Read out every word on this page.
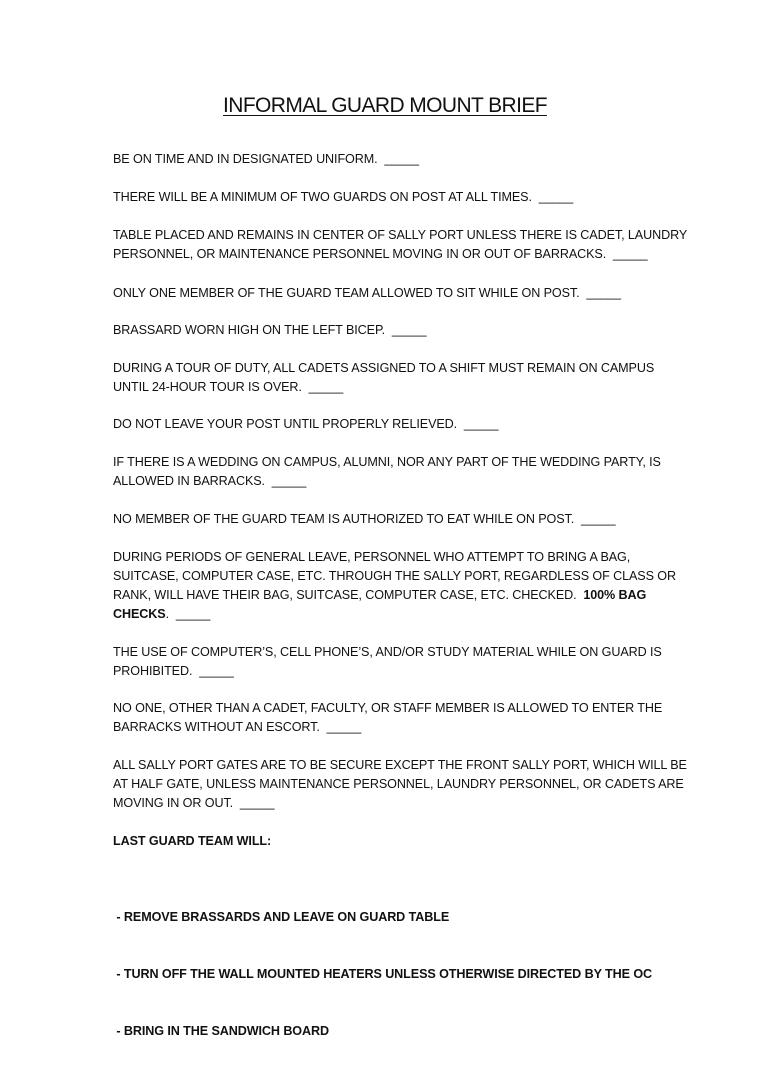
INFORMAL GUARD MOUNT BRIEF

BE ON TIME AND IN DESIGNATED UNIFORM. _____

THERE WILL BE A MINIMUM OF TWO GUARDS ON POST AT ALL TIMES. _____

TABLE PLACED AND REMAINS IN CENTER OF SALLY PORT UNLESS THERE IS CADET, LAUNDRY
PERSONNEL, OR MAINTENANCE PERSONNEL MOVING IN OR OUT OF BARRACKS. _____

ONLY ONE MEMBER OF THE GUARD TEAM ALLOWED TO SIT WHILE ON POST. _____

BRASSARD WORN HIGH ON THE LEFT BICEP. _____

DURING A TOUR OF DUTY, ALL CADETS ASSIGNED TO A SHIFT MUST REMAIN ON CAMPUS
UNTIL 24-HOUR TOUR IS OVER. _____

DO NOT LEAVE YOUR POST UNTIL PROPERLY RELIEVED. _____

IF THERE IS A WEDDING ON CAMPUS, ALUMNI, NOR ANY PART OF THE WEDDING PARTY, IS
ALLOWED IN BARRACKS. _____

NO MEMBER OF THE GUARD TEAM IS AUTHORIZED TO EAT WHILE ON POST. _____

DURING PERIODS OF GENERAL LEAVE, PERSONNEL WHO ATTEMPT TO BRING A BAG,
SUITCASE, COMPUTER CASE, ETC. THROUGH THE SALLY PORT, REGARDLESS OF CLASS OR
RANK, WILL HAVE THEIR BAG, SUITCASE, COMPUTER CASE, ETC. CHECKED. 100% BAG
CHECKS. _____

THE USE OF COMPUTER’S, CELL PHONE’S, AND/OR STUDY MATERIAL WHILE ON GUARD IS
PROHIBITED. _____

NO ONE, OTHER THAN A CADET, FACULTY, OR STAFF MEMBER IS ALLOWED TO ENTER THE
BARRACKS WITHOUT AN ESCORT. _____

ALL SALLY PORT GATES ARE TO BE SECURE EXCEPT THE FRONT SALLY PORT, WHICH WILL BE
AT HALF GATE, UNLESS MAINTENANCE PERSONNEL, LAUNDRY PERSONNEL, OR CADETS ARE
MOVING IN OR OUT. _____

LAST GUARD TEAM WILL:

- REMOVE BRASSARDS AND LEAVE ON GUARD TABLE

- TURN OFF THE WALL MOUNTED HEATERS UNLESS OTHERWISE DIRECTED BY THE OC

- BRING IN THE SANDWICH BOARD
